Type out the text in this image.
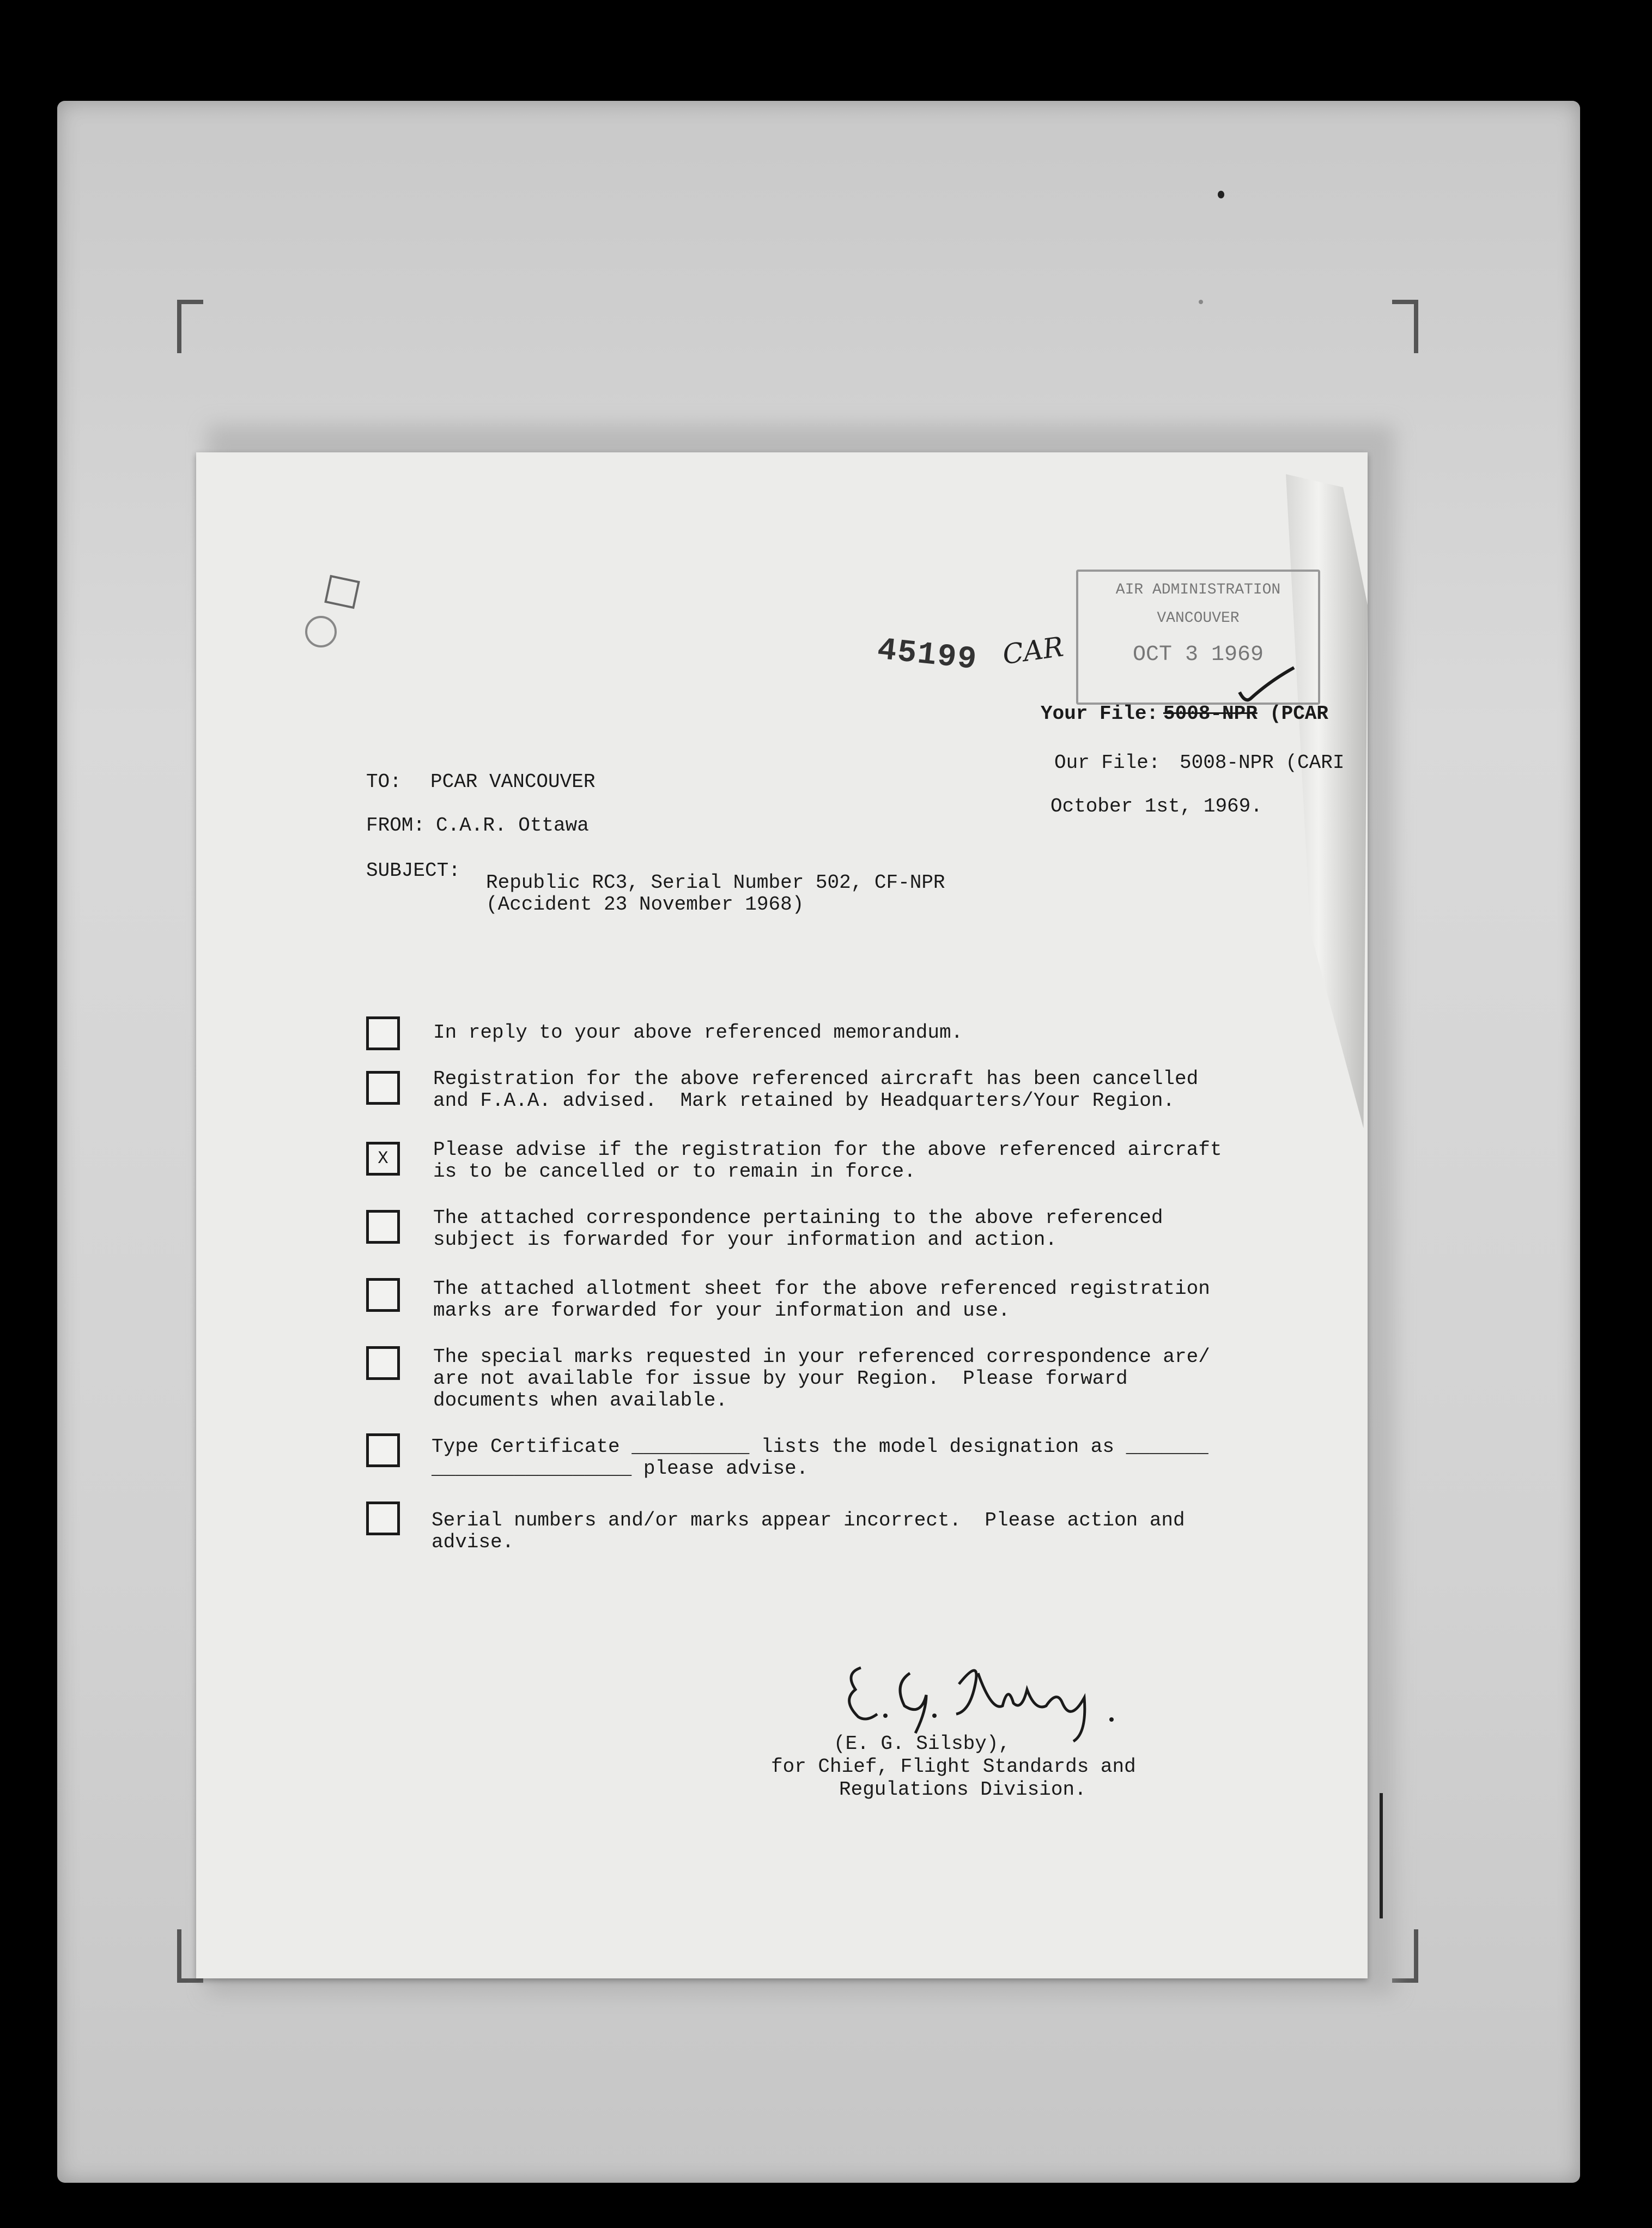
45199 CAR
AIR ADMINISTRATION
VANCOUVER
OCT 3 1969
Your File: 5008-NPR (PCAR
Our File: 5008-NPR (CARI
October 1st, 1969.
TO: PCAR VANCOUVER
FROM: C.A.R. Ottawa
SUBJECT:
Republic RC3, Serial Number 502, CF-NPR
(Accident 23 November 1968)
In reply to your above referenced memorandum.
Registration for the above referenced aircraft has been cancelled
and F.A.A. advised.  Mark retained by Headquarters/Your Region.
X	Please advise if the registration for the above referenced aircraft
is to be cancelled or to remain in force.
The attached correspondence pertaining to the above referenced
subject is forwarded for your information and action.
The attached allotment sheet for the above referenced registration
marks are forwarded for your information and use.
The special marks requested in your referenced correspondence are/
are not available for issue by your Region.  Please forward
documents when available.
Type Certificate __________ lists the model designation as _______
_________________ please advise.
Serial numbers and/or marks appear incorrect.  Please action and
advise.
(E. G. Silsby),
for Chief, Flight Standards and
Regulations Division.
